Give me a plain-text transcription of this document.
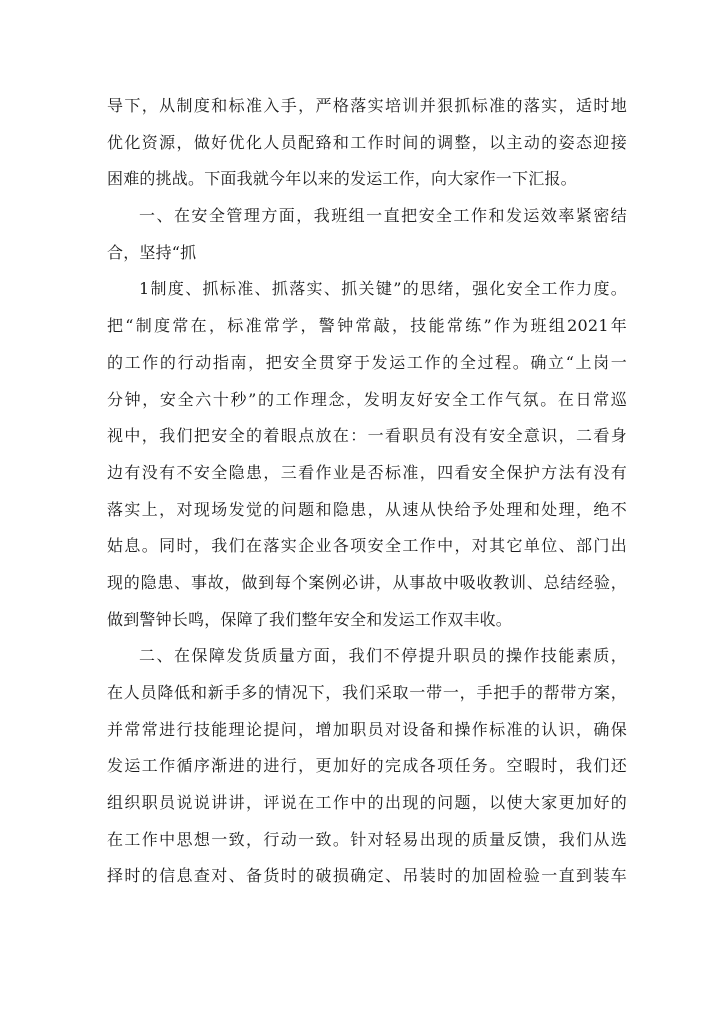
导下，从制度和标准入手，严格落实培训并狠抓标准的落实，适时地
优化资源，做好优化人员配臵和工作时间的调整，以主动的姿态迎接
困难的挑战。下面我就今年以来的发运工作，向大家作一下汇报。
一、在安全管理方面，我班组一直把安全工作和发运效率紧密结
合，坚持“抓
1制度、抓标准、抓落实、抓关键”的思绪，强化安全工作力度。
把“制度常在，标准常学，警钟常敲，技能常练”作为班组2021年
的工作的行动指南，把安全贯穿于发运工作的全过程。确立“上岗一
分钟，安全六十秒”的工作理念，发明友好安全工作气氛。在日常巡
视中，我们把安全的着眼点放在：一看职员有没有安全意识，二看身
边有没有不安全隐患，三看作业是否标准，四看安全保护方法有没有
落实上，对现场发觉的问题和隐患，从速从快给予处理和处理，绝不
姑息。同时，我们在落实企业各项安全工作中，对其它单位、部门出
现的隐患、事故，做到每个案例必讲，从事故中吸收教训、总结经验，
做到警钟长鸣，保障了我们整年安全和发运工作双丰收。
二、在保障发货质量方面，我们不停提升职员的操作技能素质，
在人员降低和新手多的情况下，我们采取一带一，手把手的帮带方案，
并常常进行技能理论提问，增加职员对设备和操作标准的认识，确保
发运工作循序渐进的进行，更加好的完成各项任务。空暇时，我们还
组织职员说说讲讲，评说在工作中的出现的问题，以使大家更加好的
在工作中思想一致，行动一致。针对轻易出现的质量反馈，我们从选
择时的信息查对、备货时的破损确定、吊装时的加固检验一直到装车
